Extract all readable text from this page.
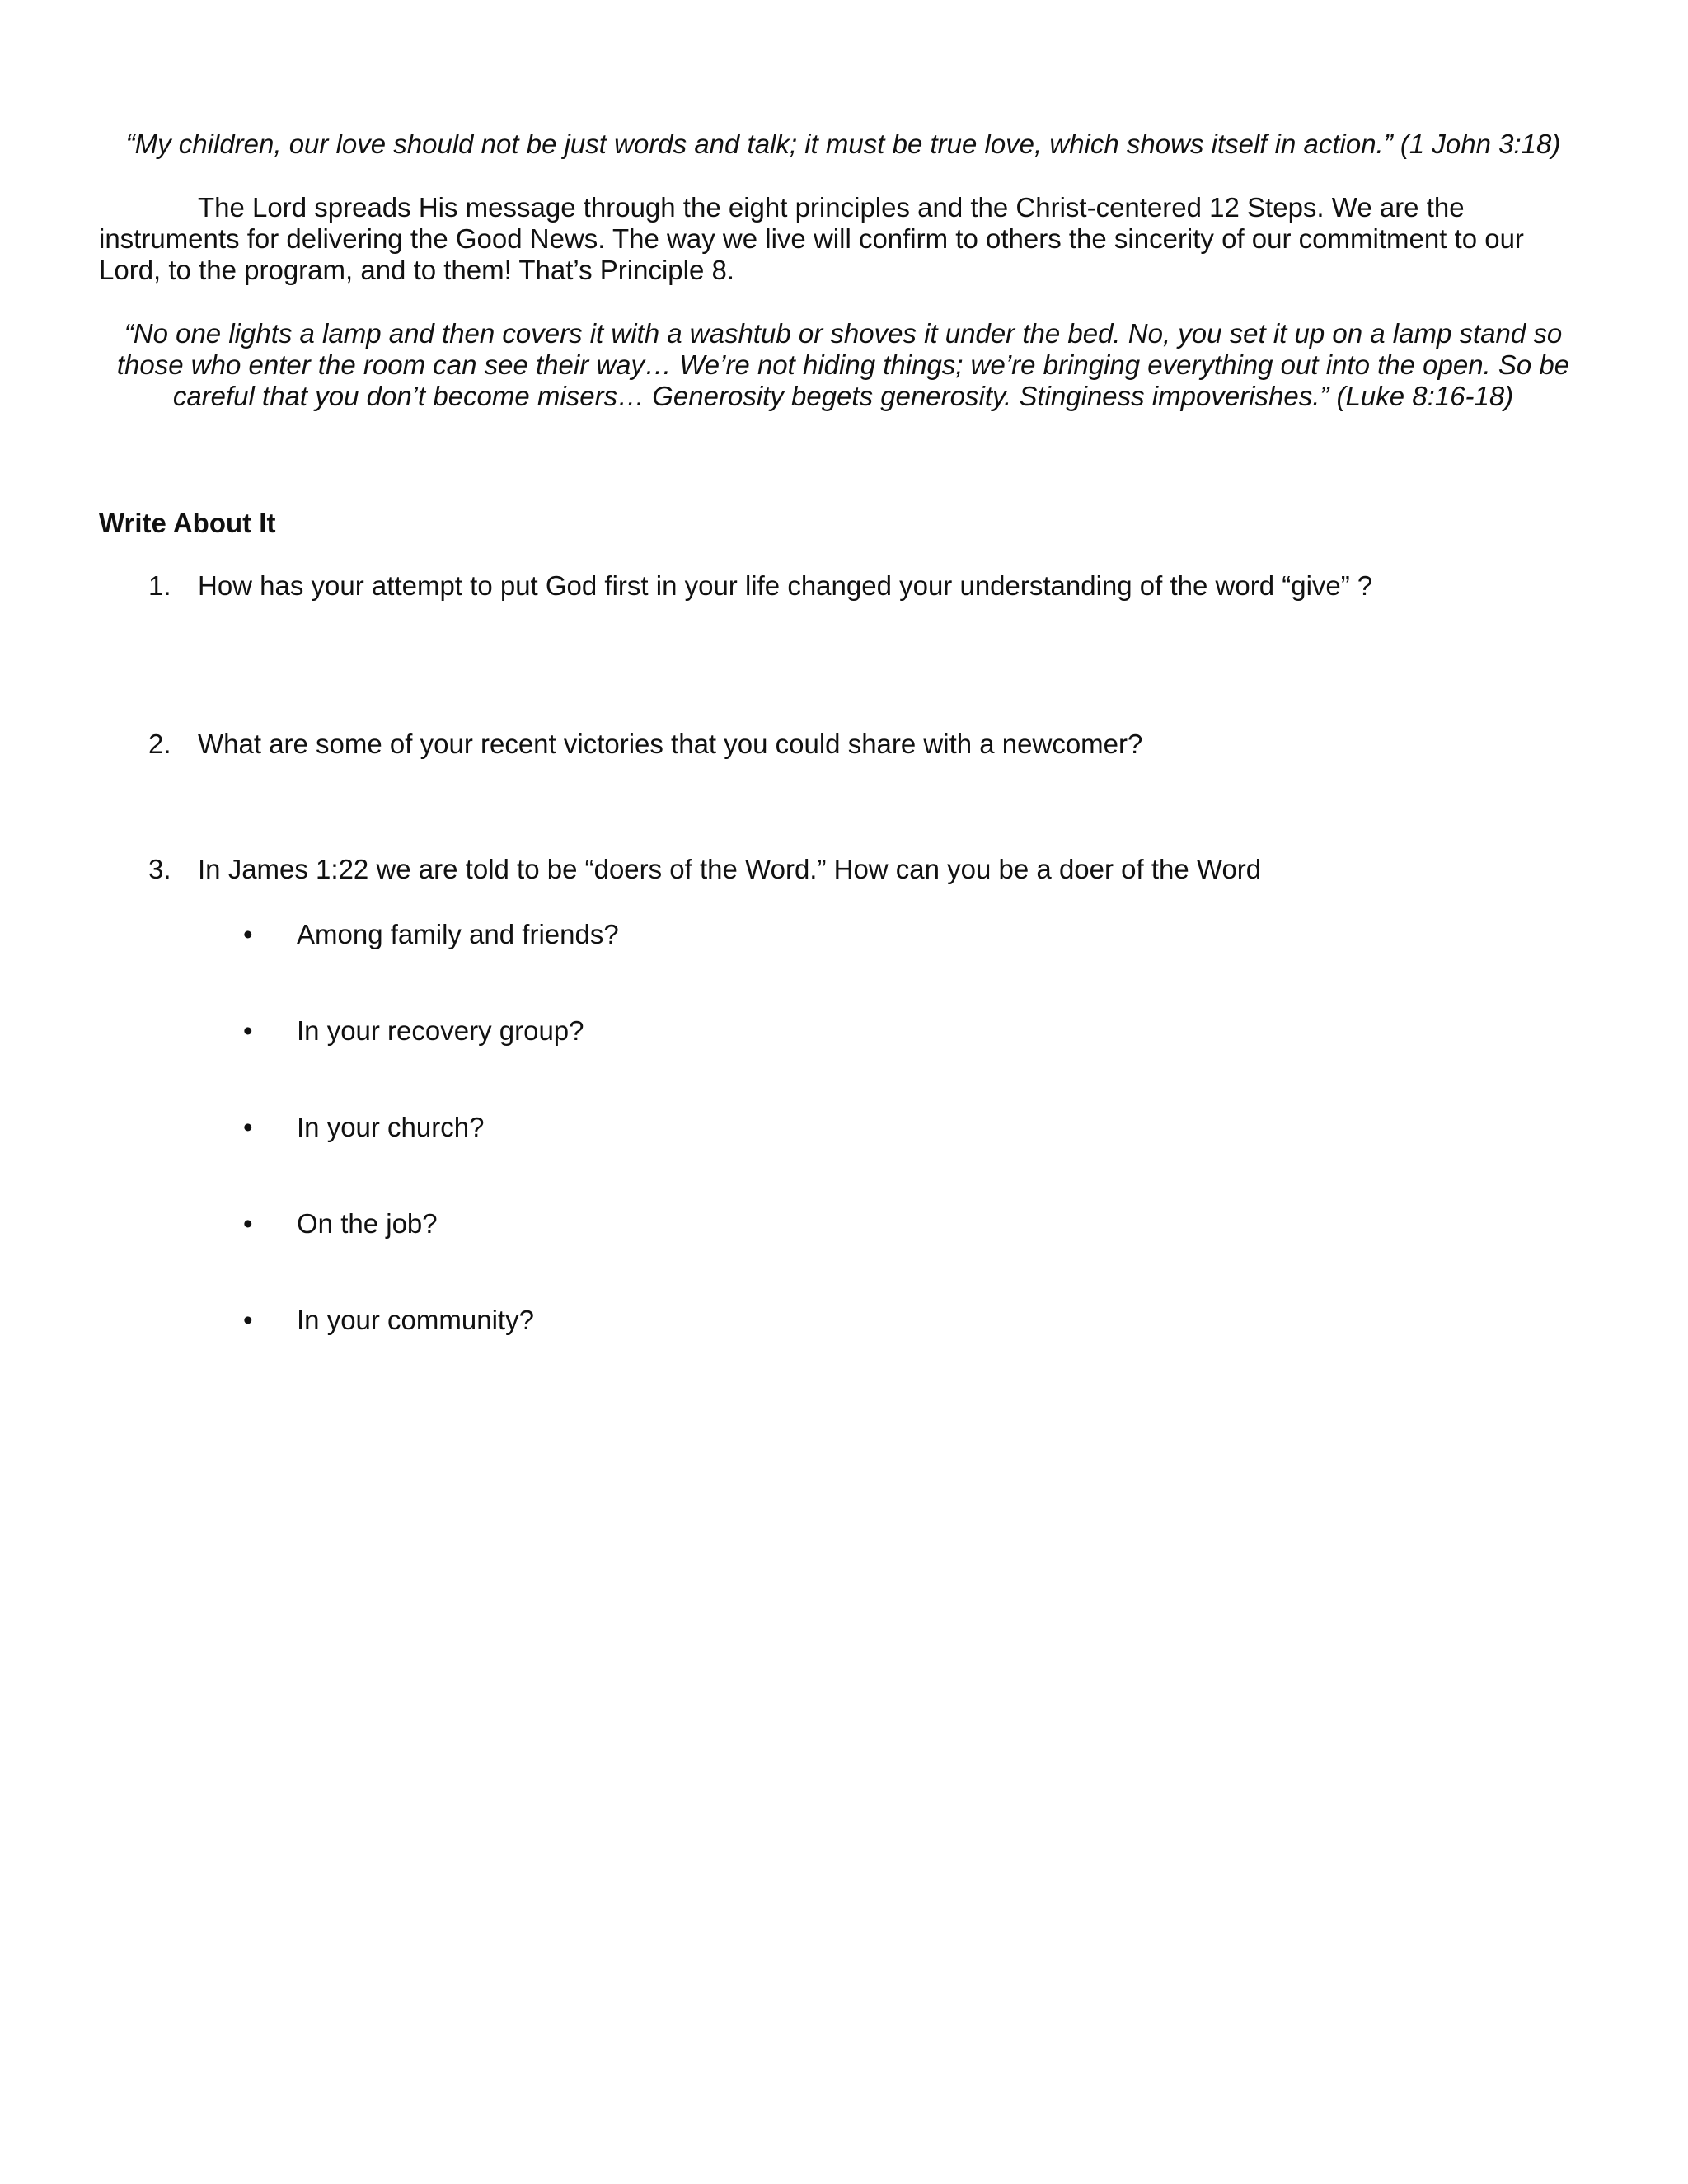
“My children, our love should not be just words and talk; it must be true love, which shows itself in action.” (1 John 3:18)

The Lord spreads His message through the eight principles and the Christ-centered 12 Steps. We are the instruments for delivering the Good News. The way we live will confirm to others the sincerity of our commitment to our Lord, to the program, and to them! That’s Principle 8.

“No one lights a lamp and then covers it with a washtub or shoves it under the bed. No, you set it up on a lamp stand so those who enter the room can see their way… We’re not hiding things; we’re bringing everything out into the open. So be careful that you don’t become misers… Generosity begets generosity. Stinginess impoverishes.” (Luke 8:16-18)

Write About It

1. How has your attempt to put God first in your life changed your understanding of the word “give” ?
2. What are some of your recent victories that you could share with a newcomer?
3. In James 1:22 we are told to be “doers of the Word.” How can you be a doer of the Word
•	Among family and friends?
•	In your recovery group?
•	In your church?
•	On the job?
•	In your community?
